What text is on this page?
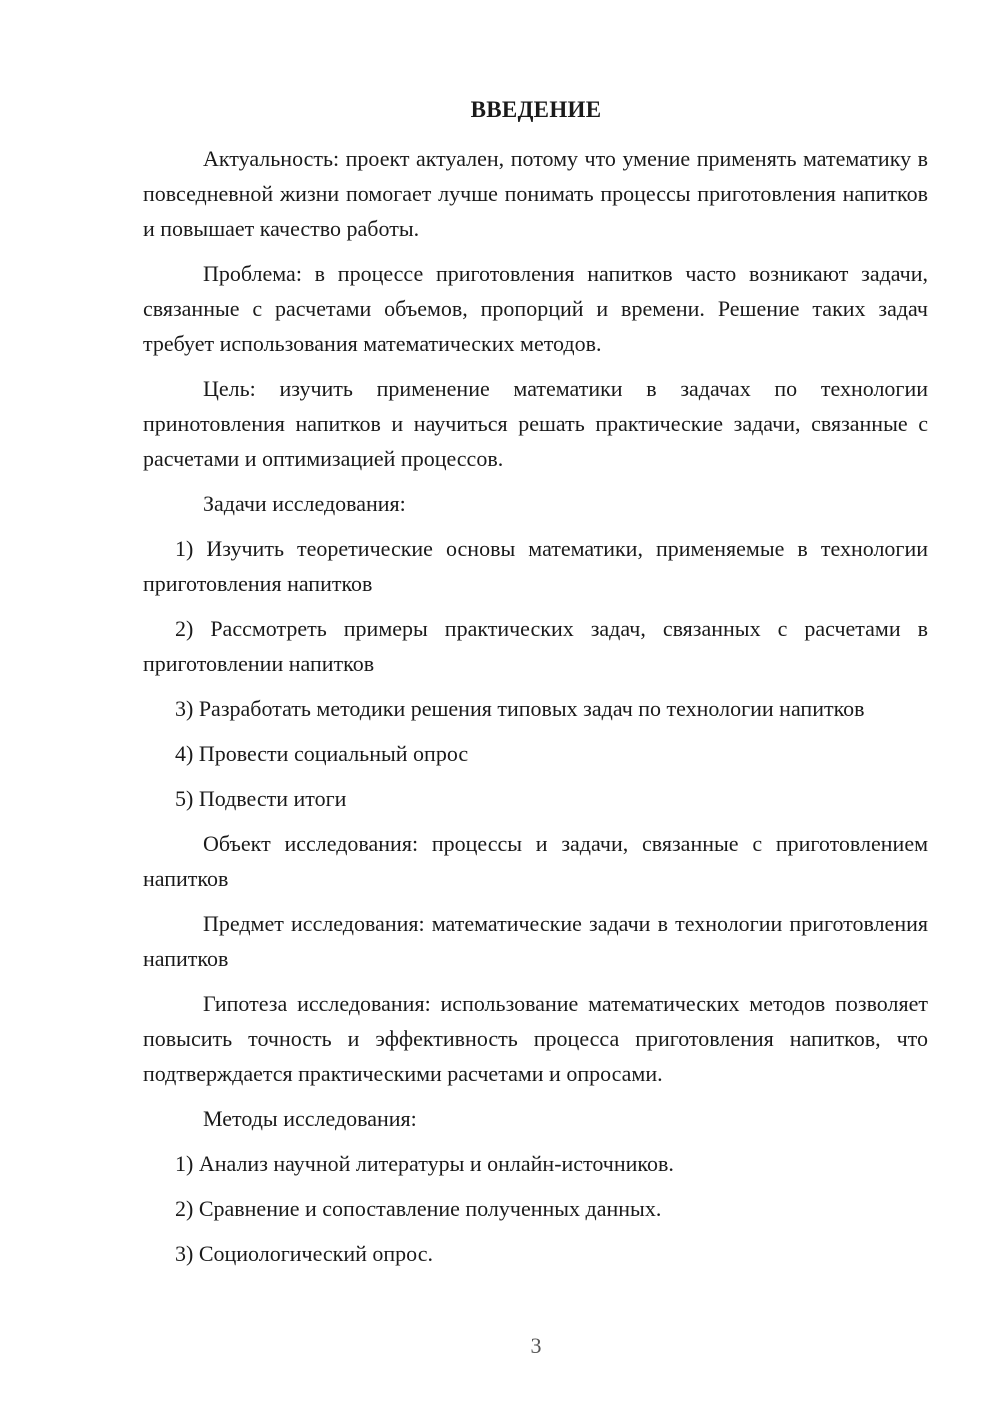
ВВЕДЕНИЕ

Актуальность: проект актуален, потому что умение применять математику в повседневной жизни помогает лучше понимать процессы приготовления напитков и повышает качество работы.

Проблема: в процессе приготовления напитков часто возникают задачи, связанные с расчетами объемов, пропорций и времени. Решение таких задач требует использования математических методов.

Цель: изучить применение математики в задачах по технологии принотовления напитков и научиться решать практические задачи, связанные с расчетами и оптимизацией процессов.

Задачи исследования:

1) Изучить теоретические основы математики, применяемые в технологии приготовления напитков

2) Рассмотреть примеры практических задач, связанных с расчетами в приготовлении напитков

3) Разработать методики решения типовых задач по технологии напитков

4) Провести социальный опрос

5) Подвести итоги

Объект исследования: процессы и задачи, связанные с приготовлением напитков

Предмет исследования: математические задачи в технологии приготовления напитков

Гипотеза исследования: использование математических методов позволяет повысить точность и эффективность процесса приготовления напитков, что подтверждается практическими расчетами и опросами.

Методы исследования:

1) Анализ научной литературы и онлайн-источников.

2) Сравнение и сопоставление полученных данных.

3) Социологический опрос.

3
